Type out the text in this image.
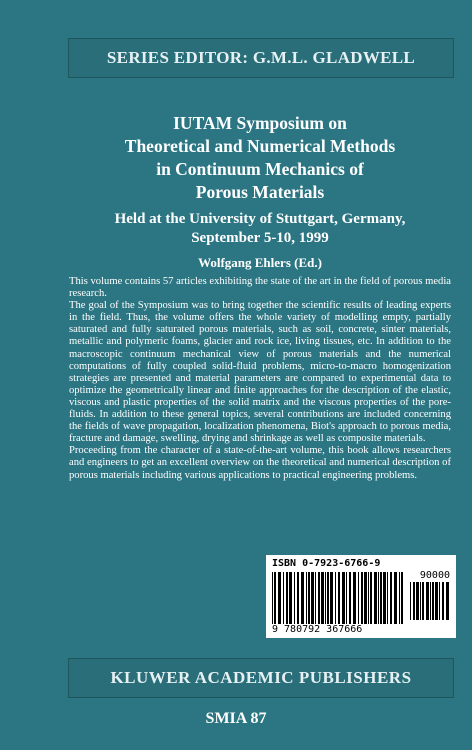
SERIES EDITOR: G.M.L. GLADWELL
IUTAM Symposium on
Theoretical and Numerical Methods
in Continuum Mechanics of
Porous Materials
Held at the University of Stuttgart, Germany,
September 5-10, 1999
Wolfgang Ehlers (Ed.)

This volume contains 57 articles exhibiting the state of the art in the field of porous media research.

The goal of the Symposium was to bring together the scientific results of leading experts in the field. Thus, the volume offers the whole variety of modelling empty, partially saturated and fully saturated porous materials, such as soil, concrete, sinter materials, metallic and polymeric foams, glacier and rock ice, living tissues, etc. In addition to the macroscopic continuum mechanical view of porous materials and the numerical computations of fully coupled solid-fluid problems, micro-to-macro homogenization strategies are presented and material parameters are compared to experimental data to optimize the geometrically linear and finite approaches for the description of the elastic, viscous and plastic properties of the solid matrix and the viscous properties of the pore-fluids. In addition to these general topics, several contributions are included concerning the fields of wave propagation, localization phenomena, Biot's approach to porous media, fracture and damage, swelling, drying and shrinkage as well as composite materials.

Proceeding from the character of a state-of-the-art volume, this book allows researchers and engineers to get an excellent overview on the theoretical and numerical description of porous materials including various applications to practical engineering problems.

ISBN 0-7923-6766-9
90000
9 780792 367666
KLUWER ACADEMIC PUBLISHERS
SMIA 87
